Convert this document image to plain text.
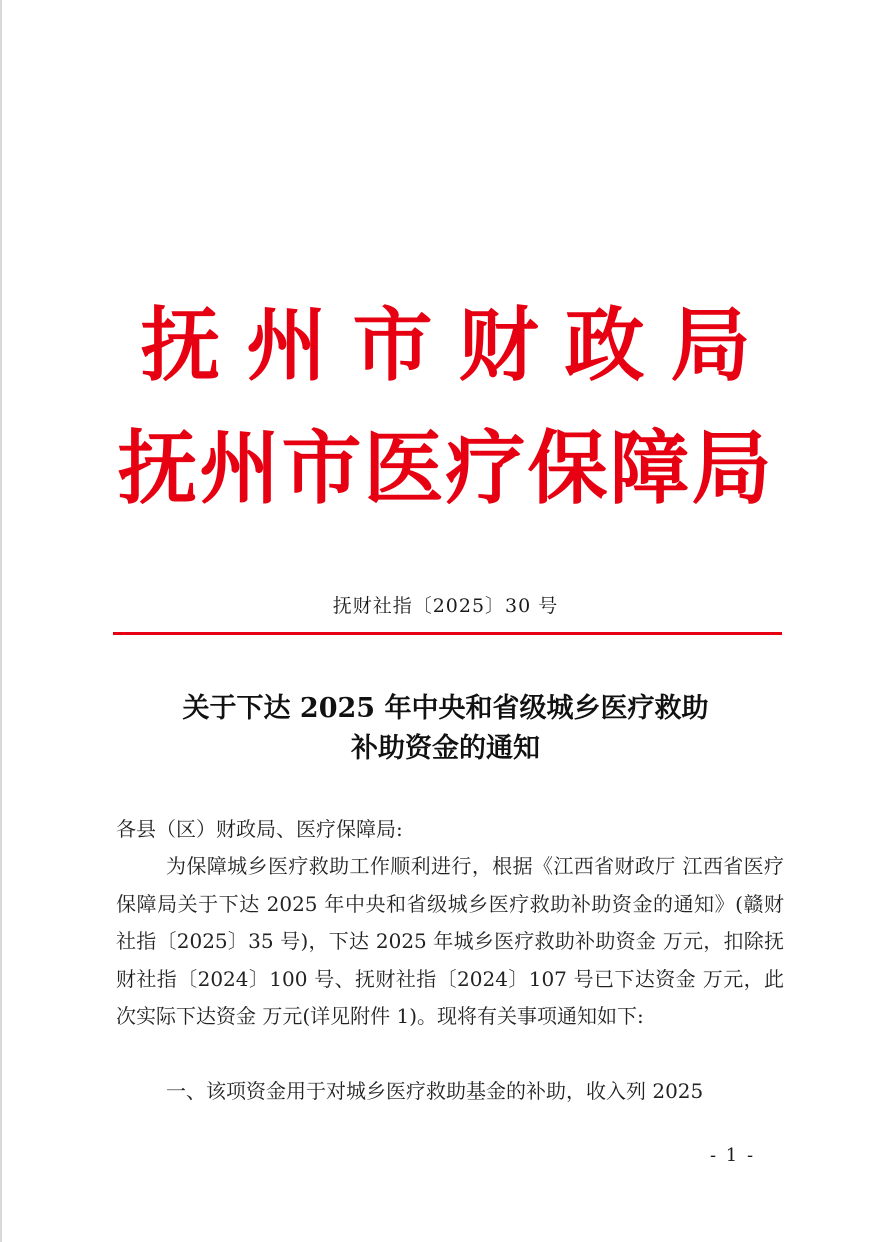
抚州市财政局
抚州市医疗保障局
抚财社指〔2025〕30 号
关于下达 2025 年中央和省级城乡医疗救助
补助资金的通知
各县（区）财政局、医疗保障局:
为保障城乡医疗救助工作顺利进行，根据《江西省财政厅 江西省医疗保障局关于下达 2025 年中央和省级城乡医疗救助补助资金的通知》(赣财社指〔2025〕35 号)，下达 2025 年城乡医疗救助补助资金 万元，扣除抚财社指〔2024〕100 号、抚财社指〔2024〕107 号已下达资金 万元，此次实际下达资金 万元(详见附件 1)。现将有关事项通知如下:
一、该项资金用于对城乡医疗救助基金的补助，收入列 2025
- 1 -
